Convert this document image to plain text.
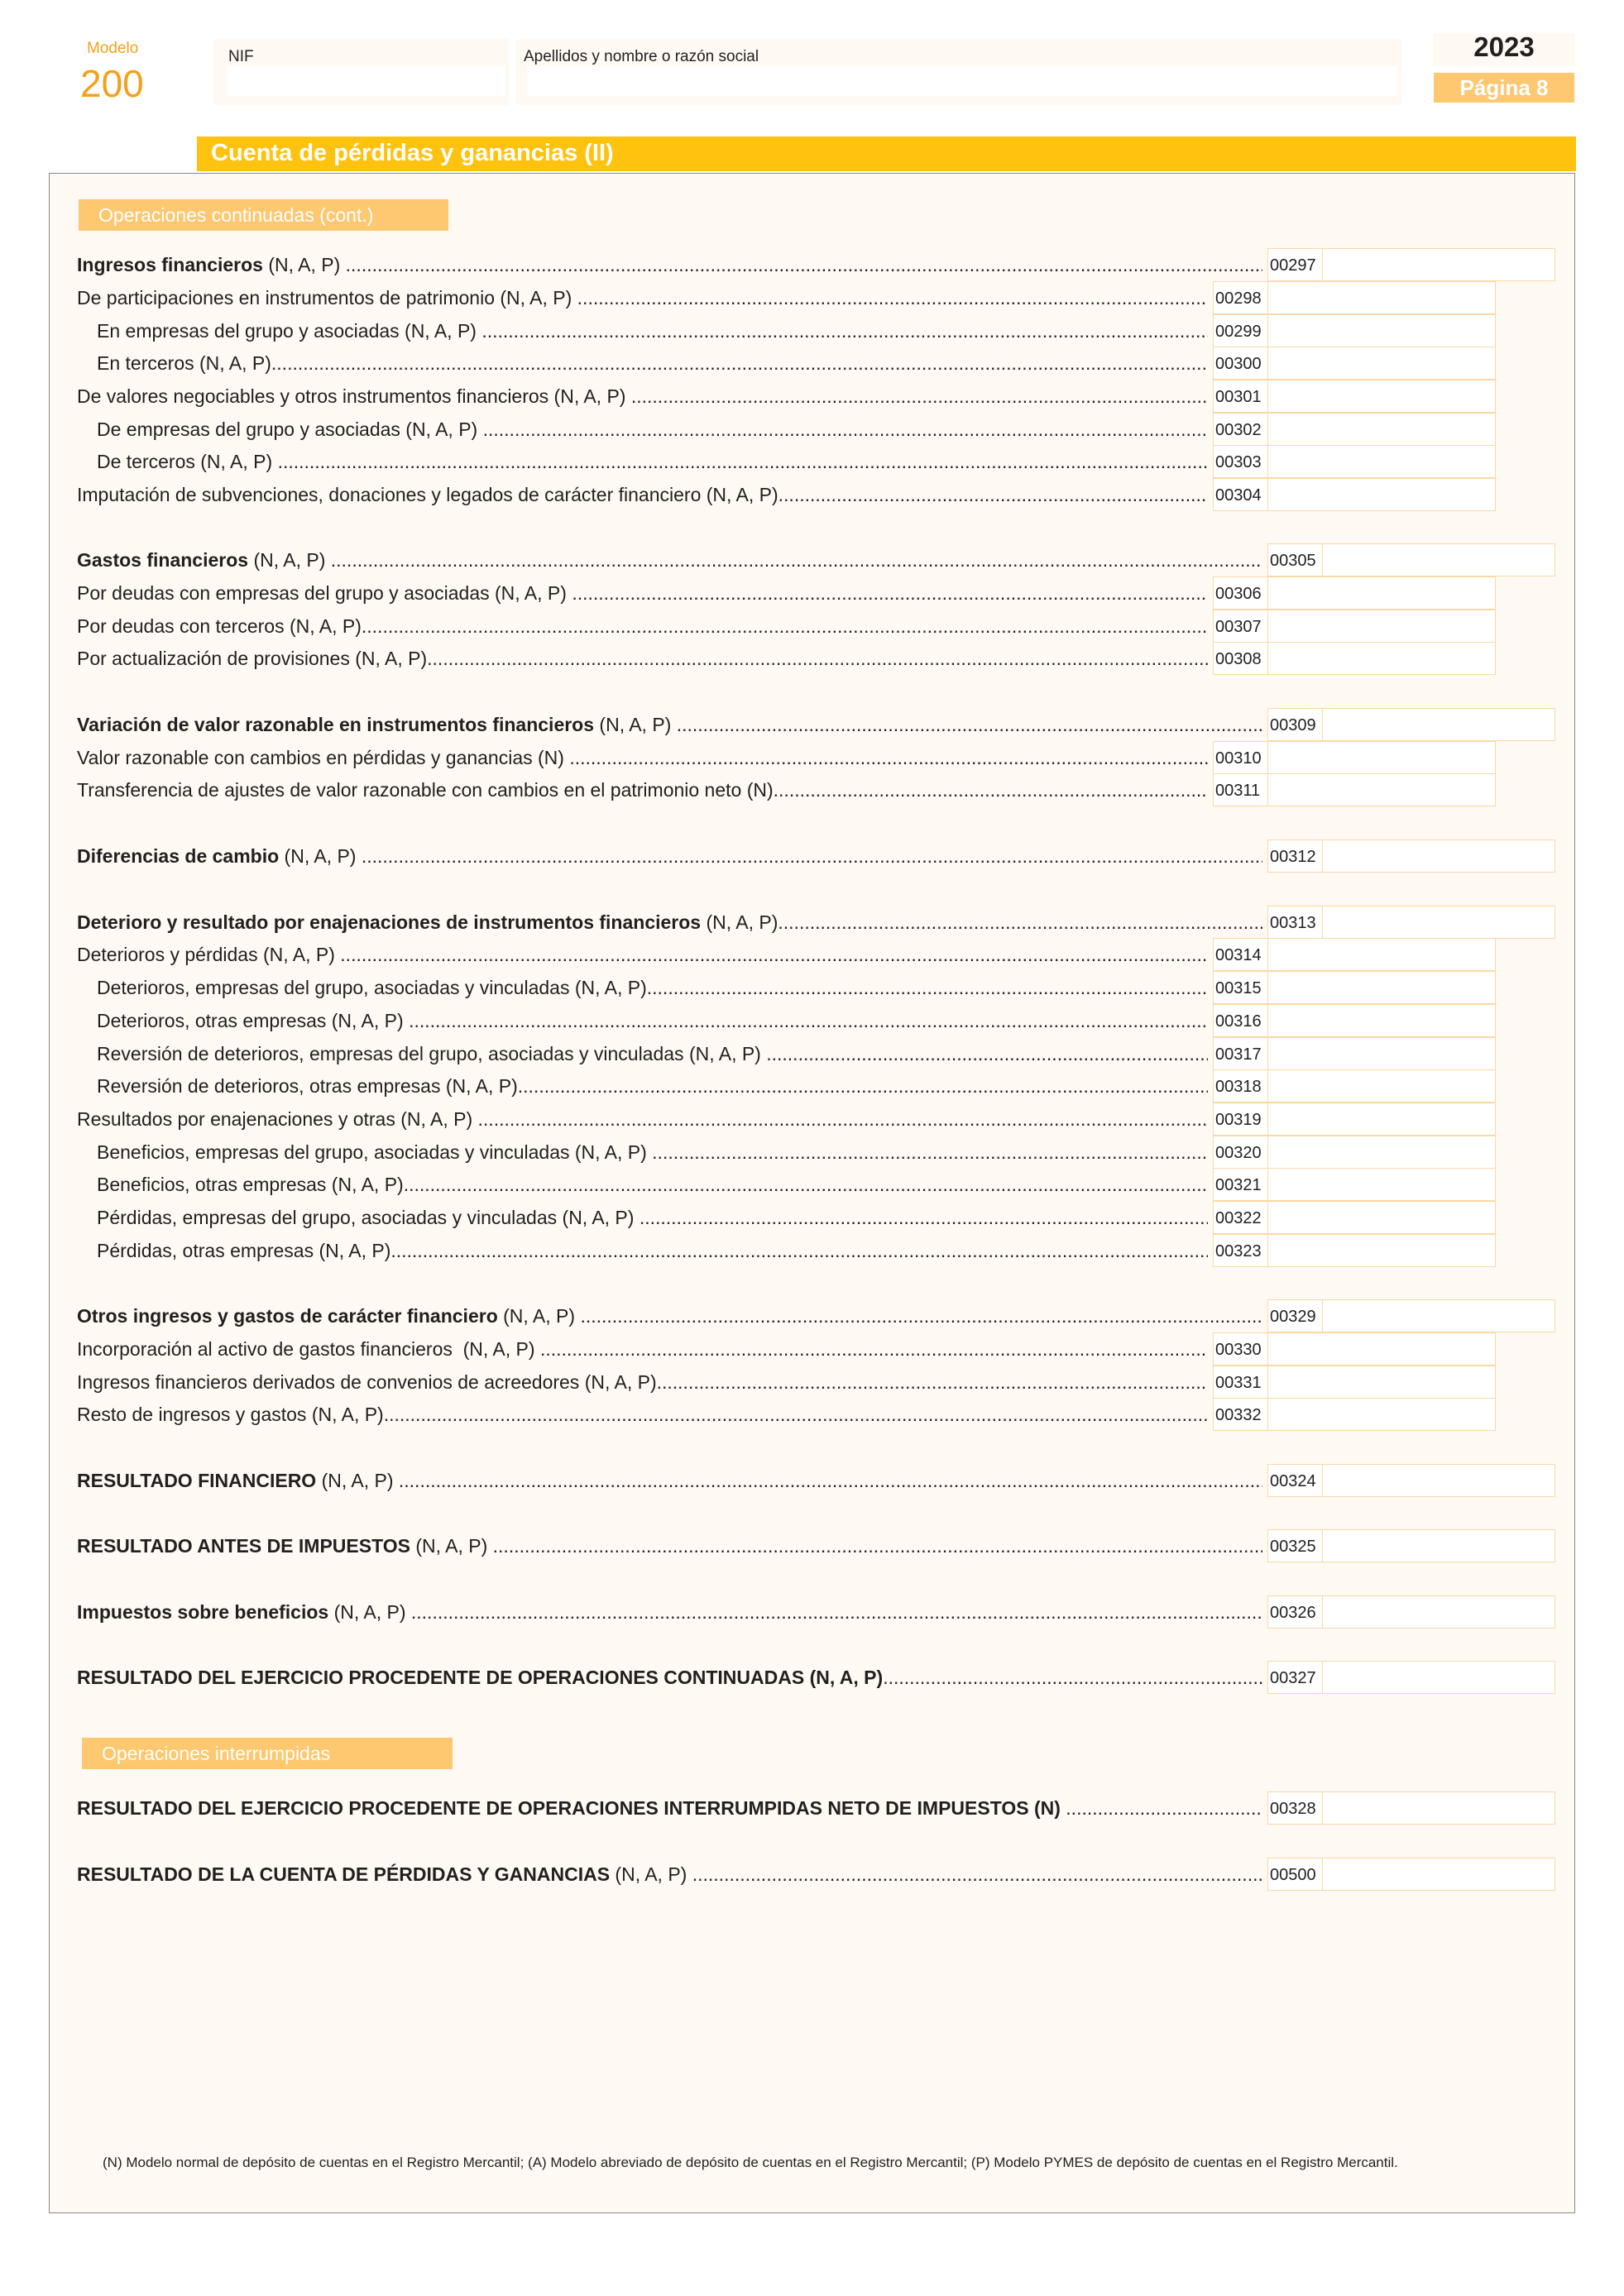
Modelo
200
NIF	Apellidos y nombre o razón social	2023
Página 8
Cuenta de pérdidas y ganancias (II)
Operaciones continuadas (cont.)
Operaciones interrumpidas
Ingresos financieros (N, A, P) .....	00297
De participaciones en instrumentos de patrimonio (N, A, P) .....	00298
En empresas del grupo y asociadas (N, A, P) .....	00299
En terceros (N, A, P) .....	00300
De valores negociables y otros instrumentos financieros (N, A, P) .....	00301
De empresas del grupo y asociadas (N, A, P) .....	00302
De terceros (N, A, P) .....	00303
Imputación de subvenciones, donaciones y legados de carácter financiero (N, A, P) .....	00304
Gastos financieros (N, A, P) .....	00305
Por deudas con empresas del grupo y asociadas (N, A, P) .....	00306
Por deudas con terceros (N, A, P) .....	00307
Por actualización de provisiones (N, A, P) .....	00308
Variación de valor razonable en instrumentos financieros (N, A, P) .....	00309
Valor razonable con cambios en pérdidas y ganancias (N) .....	00310
Transferencia de ajustes de valor razonable con cambios en el patrimonio neto (N) .....	00311
Diferencias de cambio (N, A, P) .....	00312
Deterioro y resultado por enajenaciones de instrumentos financieros (N, A, P) .....	00313
Deterioros y pérdidas (N, A, P) .....	00314
Deterioros, empresas del grupo, asociadas y vinculadas (N, A, P) .....	00315
Deterioros, otras empresas (N, A, P) .....	00316
Reversión de deterioros, empresas del grupo, asociadas y vinculadas (N, A, P) .....	00317
Reversión de deterioros, otras empresas (N, A, P) .....	00318
Resultados por enajenaciones y otras (N, A, P) .....	00319
Beneficios, empresas del grupo, asociadas y vinculadas (N, A, P) .....	00320
Beneficios, otras empresas (N, A, P) .....	00321
Pérdidas, empresas del grupo, asociadas y vinculadas (N, A, P) .....	00322
Pérdidas, otras empresas (N, A, P) .....	00323
Otros ingresos y gastos de carácter financiero (N, A, P) .....	00329
Incorporación al activo de gastos financieros  (N, A, P) .....	00330
Ingresos financieros derivados de convenios de acreedores (N, A, P) .....	00331
Resto de ingresos y gastos (N, A, P) .....	00332
RESULTADO FINANCIERO (N, A, P) .....	00324
RESULTADO ANTES DE IMPUESTOS (N, A, P) .....	00325
Impuestos sobre beneficios (N, A, P) .....	00326
RESULTADO DEL EJERCICIO PROCEDENTE DE OPERACIONES CONTINUADAS (N, A, P) .....	00327
RESULTADO DEL EJERCICIO PROCEDENTE DE OPERACIONES INTERRUMPIDAS NETO DE IMPUESTOS (N) .....	00328
RESULTADO DE LA CUENTA DE PÉRDIDAS Y GANANCIAS (N, A, P) .....	00500
(N) Modelo normal de depósito de cuentas en el Registro Mercantil; (A) Modelo abreviado de depósito de cuentas en el Registro Mercantil; (P) Modelo PYMES de depósito de cuentas en el Registro Mercantil.
